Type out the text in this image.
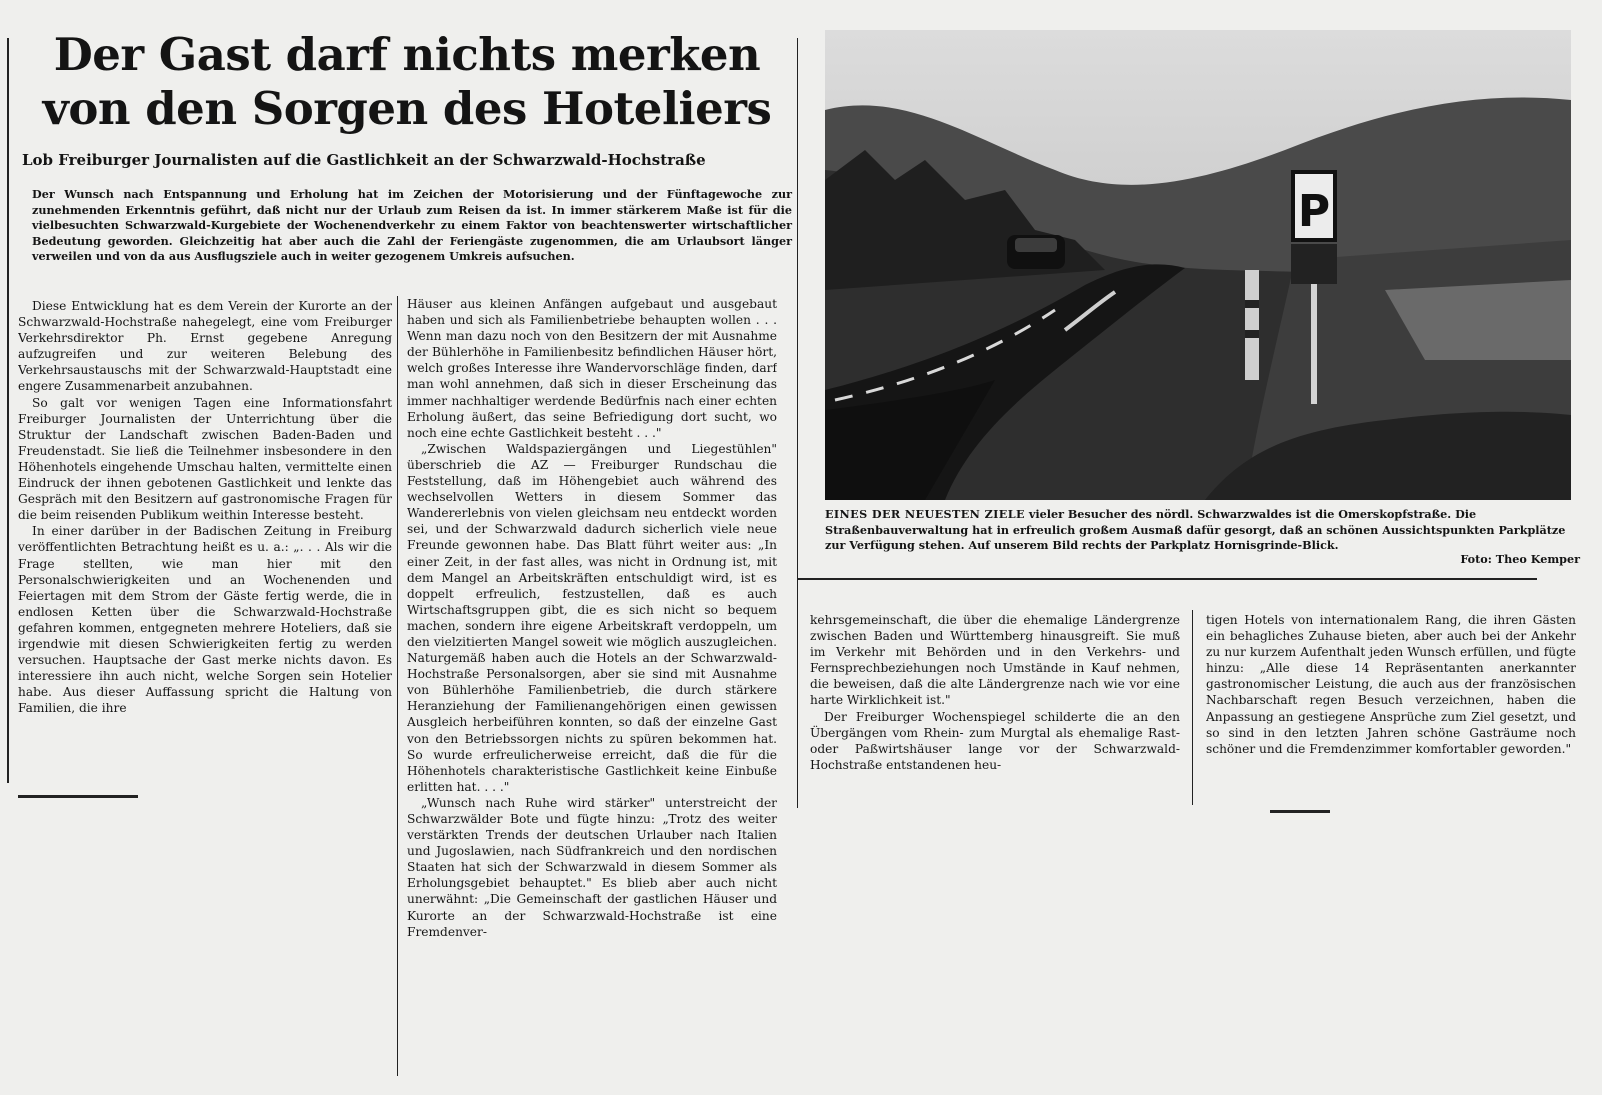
Der Gast darf nichts merken
von den Sorgen des Hoteliers
Lob Freiburger Journalisten auf die Gastlichkeit an der Schwarzwald-Hochstraße

Der Wunsch nach Entspannung und Erholung hat im Zeichen der Motorisierung und der Fünftagewoche zur zunehmenden Erkenntnis geführt, daß nicht nur der Urlaub zum Reisen da ist. In immer stärkerem Maße ist für die vielbesuchten Schwarzwald-Kurgebiete der Wochenendverkehr zu einem Faktor von beachtenswerter wirtschaftlicher Bedeutung geworden. Gleichzeitig hat aber auch die Zahl der Feriengäste zugenommen, die am Urlaubsort länger verweilen und von da aus Ausflugsziele auch in weiter gezogenem Umkreis aufsuchen.

Diese Entwicklung hat es dem Verein der Kurorte an der Schwarzwald-Hochstraße nahegelegt, eine vom Freiburger Verkehrsdirektor Ph. Ernst gegebene Anregung aufzugreifen und zur weiteren Belebung des Verkehrsaustauschs mit der Schwarzwald-Hauptstadt eine engere Zusammenarbeit anzubahnen.

So galt vor wenigen Tagen eine Informationsfahrt Freiburger Journalisten der Unterrichtung über die Struktur der Landschaft zwischen Baden-Baden und Freudenstadt. Sie ließ die Teilnehmer insbesondere in den Höhenhotels eingehende Umschau halten, vermittelte einen Eindruck der ihnen gebotenen Gastlichkeit und lenkte das Gespräch mit den Besitzern auf gastronomische Fragen für die beim reisenden Publikum weithin Interesse besteht.

In einer darüber in der Badischen Zeitung in Freiburg veröffentlichten Betrachtung heißt es u. a.: „. . . Als wir die Frage stellten, wie man hier mit den Personalschwierigkeiten und an Wochenenden und Feiertagen mit dem Strom der Gäste fertig werde, die in endlosen Ketten über die Schwarzwald-Hochstraße gefahren kommen, entgegneten mehrere Hoteliers, daß sie irgendwie mit diesen Schwierigkeiten fertig zu werden versuchen. Hauptsache der Gast merke nichts davon. Es interessiere ihn auch nicht, welche Sorgen sein Hotelier habe. Aus dieser Auffassung spricht die Haltung von Familien, die ihre

Häuser aus kleinen Anfängen aufgebaut und ausgebaut haben und sich als Familienbetriebe behaupten wollen . . . Wenn man dazu noch von den Besitzern der mit Ausnahme der Bühlerhöhe in Familienbesitz befindlichen Häuser hört, welch großes Interesse ihre Wandervorschläge finden, darf man wohl annehmen, daß sich in dieser Erscheinung das immer nachhaltiger werdende Bedürfnis nach einer echten Erholung äußert, das seine Befriedigung dort sucht, wo noch eine echte Gastlichkeit besteht . . ."

„Zwischen Waldspaziergängen und Liegestühlen" überschrieb die AZ — Freiburger Rundschau die Feststellung, daß im Höhengebiet auch während des wechselvollen Wetters in diesem Sommer das Wandererlebnis von vielen gleichsam neu entdeckt worden sei, und der Schwarzwald dadurch sicherlich viele neue Freunde gewonnen habe. Das Blatt führt weiter aus: „In einer Zeit, in der fast alles, was nicht in Ordnung ist, mit dem Mangel an Arbeitskräften entschuldigt wird, ist es doppelt erfreulich, festzustellen, daß es auch Wirtschaftsgruppen gibt, die es sich nicht so bequem machen, sondern ihre eigene Arbeitskraft verdoppeln, um den vielzitierten Mangel soweit wie möglich auszugleichen. Naturgemäß haben auch die Hotels an der Schwarzwald-Hochstraße Personalsorgen, aber sie sind mit Ausnahme von Bühlerhöhe Familienbetrieb, die durch stärkere Heranziehung der Familienangehörigen einen gewissen Ausgleich herbeiführen konnten, so daß der einzelne Gast von den Betriebssorgen nichts zu spüren bekommen hat. So wurde erfreulicherweise erreicht, daß die für die Höhenhotels charakteristische Gastlichkeit keine Einbuße erlitten hat. . . ."

„Wunsch nach Ruhe wird stärker" unterstreicht der Schwarzwälder Bote und fügte hinzu: „Trotz des weiter verstärkten Trends der deutschen Urlauber nach Italien und Jugoslawien, nach Südfrankreich und den nordischen Staaten hat sich der Schwarzwald in diesem Sommer als Erholungsgebiet behauptet." Es blieb aber auch nicht unerwähnt: „Die Gemeinschaft der gastlichen Häuser und Kurorte an der Schwarzwald-Hochstraße ist eine Fremdenver-

kehrsgemeinschaft, die über die ehemalige Ländergrenze zwischen Baden und Württemberg hinausgreift. Sie muß im Verkehr mit Behörden und in den Verkehrs- und Fernsprechbeziehungen noch Umstände in Kauf nehmen, die beweisen, daß die alte Ländergrenze nach wie vor eine harte Wirklichkeit ist."

Der Freiburger Wochenspiegel schilderte die an den Übergängen vom Rhein- zum Murgtal als ehemalige Rast- oder Paßwirtshäuser lange vor der Schwarzwald-Hochstraße entstandenen heu-

tigen Hotels von internationalem Rang, die ihren Gästen ein behagliches Zuhause bieten, aber auch bei der Ankehr zu nur kurzem Aufenthalt jeden Wunsch erfüllen, und fügte hinzu: „Alle diese 14 Repräsentanten anerkannter gastronomischer Leistung, die auch aus der französischen Nachbarschaft regen Besuch verzeichnen, haben die Anpassung an gestiegene Ansprüche zum Ziel gesetzt, und so sind in den letzten Jahren schöne Gasträume noch schöner und die Fremdenzimmer komfortabler geworden."

P

EINES DER NEUESTEN ZIELE vieler Besucher des nördl. Schwarzwaldes ist die Omerskopfstraße. Die Straßenbauverwaltung hat in erfreulich großem Ausmaß dafür gesorgt, daß an schönen Aussichtspunkten Parkplätze zur Verfügung stehen. Auf unserem Bild rechts der Parkplatz Hornisgrinde-Blick.

Foto: Theo Kemper
